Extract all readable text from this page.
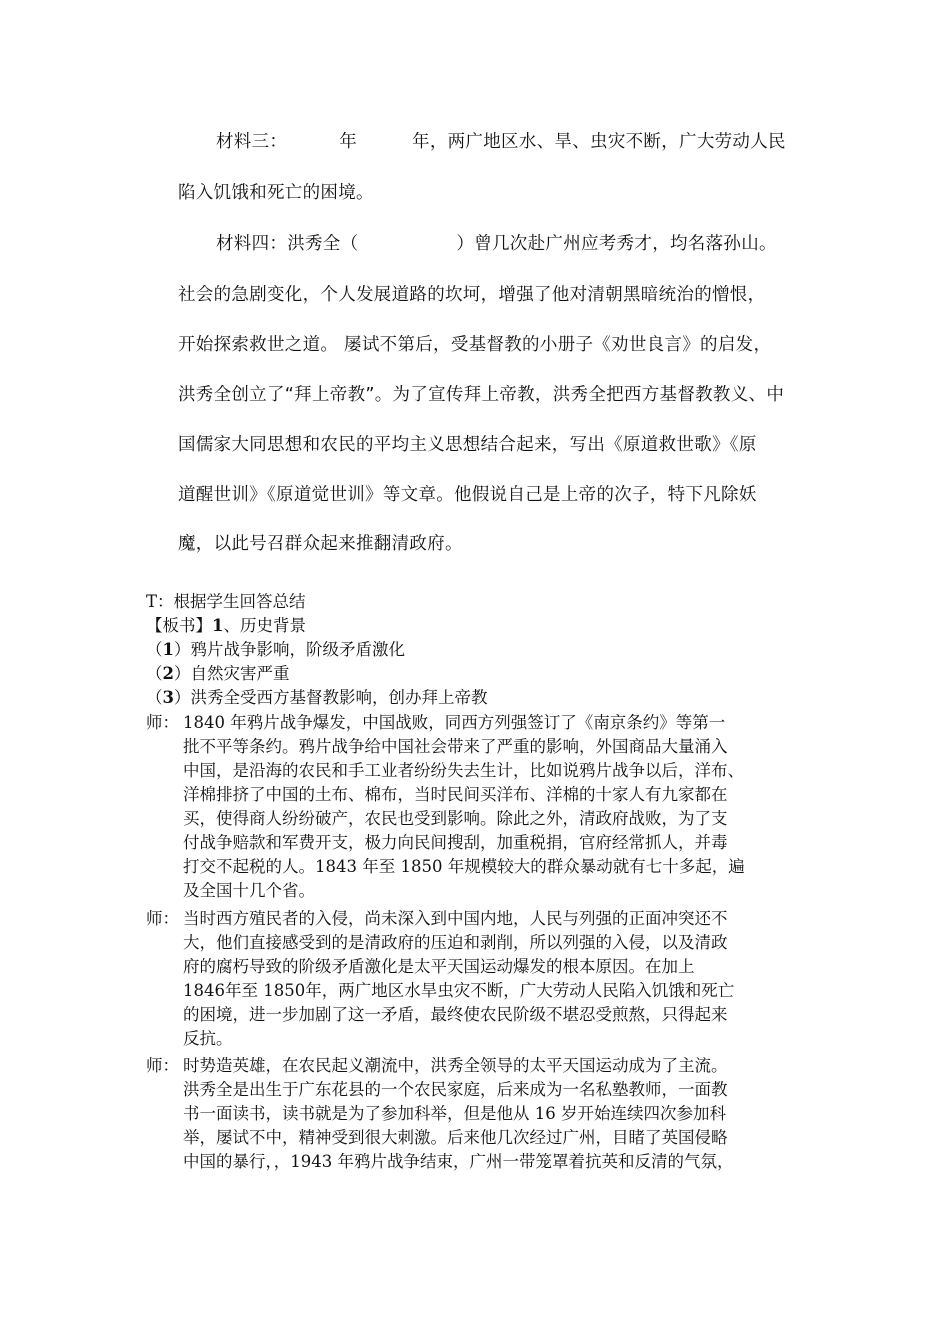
材料三：	年	年，两广地区水、旱、虫灾不断，广大劳动人民
陷入饥饿和死亡的困境。
材料四：洪秀全（	）曾几次赴广州应考秀才，均名落孙山。
社会的急剧变化，个人发展道路的坎坷，增强了他对清朝黑暗统治的憎恨，
开始探索救世之道。 屡试不第后，受基督教的小册子《劝世良言》的启发，
洪秀全创立了“拜上帝教”。为了宣传拜上帝教，洪秀全把西方基督教教义、中
国儒家大同思想和农民的平均主义思想结合起来，写出《原道救世歌》《原
道醒世训》《原道觉世训》等文章。他假说自己是上帝的次子，特下凡除妖
魔，以此号召群众起来推翻清政府。
T：根据学生回答总结
【板书】1、历史背景
（1）鸦片战争影响，阶级矛盾激化
（2）自然灾害严重
（3）洪秀全受西方基督教影响，创办拜上帝教
师： 1840 年鸦片战争爆发，中国战败，同西方列强签订了《南京条约》等第一
批不平等条约。鸦片战争给中国社会带来了严重的影响，外国商品大量涌入
中国，是沿海的农民和手工业者纷纷失去生计，比如说鸦片战争以后，洋布、
洋棉排挤了中国的土布、棉布，当时民间买洋布、洋棉的十家人有九家都在
买，使得商人纷纷破产，农民也受到影响。除此之外，清政府战败，为了支
付战争赔款和军费开支，极力向民间搜刮，加重税捐，官府经常抓人，并毒
打交不起税的人。1843 年至 1850 年规模较大的群众暴动就有七十多起，遍
及全国十几个省。
师： 当时西方殖民者的入侵，尚未深入到中国内地，人民与列强的正面冲突还不
大，他们直接感受到的是清政府的压迫和剥削，所以列强的入侵，以及清政
府的腐朽导致的阶级矛盾激化是太平天国运动爆发的根本原因。在加上
1846年至 1850年，两广地区水旱虫灾不断，广大劳动人民陷入饥饿和死亡
的困境，进一步加剧了这一矛盾，最终使农民阶级不堪忍受煎熬，只得起来
反抗。
师： 时势造英雄，在农民起义潮流中，洪秀全领导的太平天国运动成为了主流。
洪秀全是出生于广东花县的一个农民家庭，后来成为一名私塾教师，一面教
书一面读书，读书就是为了参加科举，但是他从 16 岁开始连续四次参加科
举，屡试不中，精神受到很大刺激。后来他几次经过广州，目睹了英国侵略
中国的暴行，，1943 年鸦片战争结束，广州一带笼罩着抗英和反清的气氛，
